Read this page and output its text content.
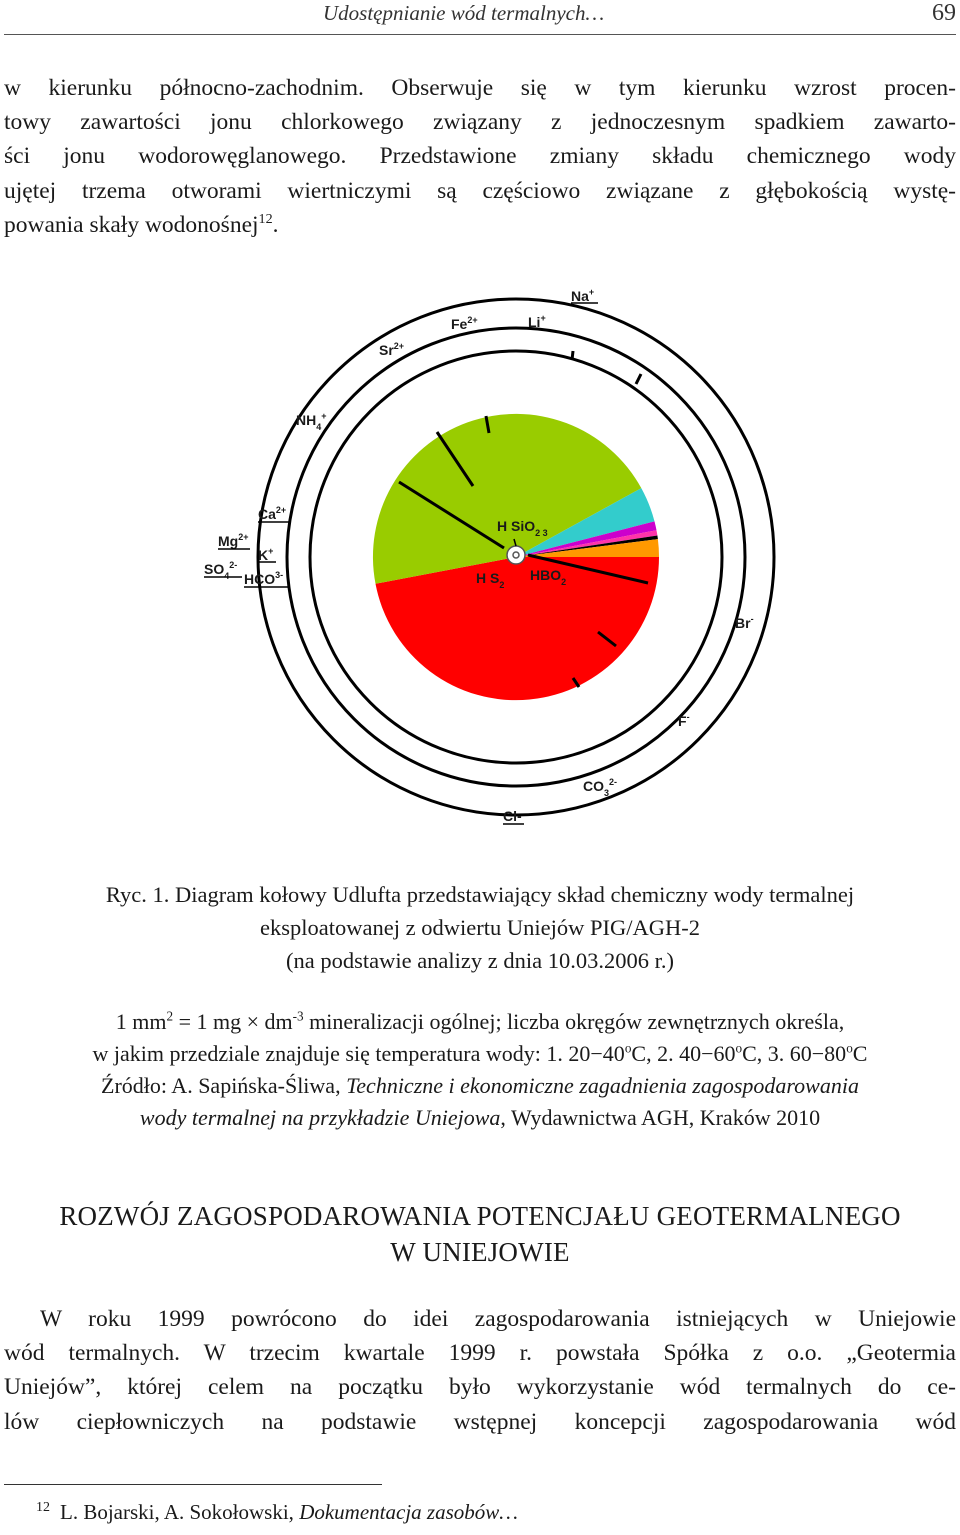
Udostępnianie wód termalnych…	69
w kierunku północno-zachodnim. Obserwuje się w tym kierunku wzrost procen-
towy zawartości jonu chlorkowego związany z jednoczesnym spadkiem zawarto-
ści jonu wodorowęglanowego. Przedstawione zmiany składu chemicznego wody
ujętej trzema otworami wiertniczymi są częściowo związane z głębokością wystę-
powania skały wodonośnej$^{12}$.
Na+
Li+
$Fe^{2+}$
$Sr^{2+}$
$NH_4^+$
$Ca^{2+}$
$Mg^{2+}$
K+
$SO_4^{2-}$
$HCO^{3-}$
H SiO$_{2 3}$
H $S_2$
$HBO_2$
Br-
F-
$CO_3^{2-}$
Cl-
Ryc. 1. Diagram kołowy Udlufta przedstawiający skład chemiczny wody termalnej
eksploatowanej z odwiertu Uniejów PIG/AGH-2
(na podstawie analizy z dnia 10.03.2006 r.)
1 $mm^2 = 1$ mg × $dm^{-3}$ mineralizacji ogólnej; liczba okręgów zewnętrznych określa,
w jakim przedziale znajduje się temperatura wody: 1. $20-40^oC$, 2. $40-60^oC$, 3. $60-80^oC$
Źródło: A. Sapińska-Śliwa, Techniczne i ekonomiczne zagadnienia zagospodarowania
wody termalnej na przykładzie Uniejowa, Wydawnictwa AGH, Kraków 2010
ROZWÓJ ZAGOSPODAROWANIA POTENCJAŁU GEOTERMALNEGO
W UNIEJOWIE
W roku 1999 powrócono do idei zagospodarowania istniejących w Uniejowie
wód termalnych. W trzecim kwartale 1999 r. powstała Spółka z o.o. „Geotermia
Uniejów”, której celem na początku było wykorzystanie wód termalnych do ce-
lów ciepłowniczych na podstawie wstępnej koncepcji zagospodarowania wód
$^{12}$ L. Bojarski, A. Sokołowski, Dokumentacja zasobów…
